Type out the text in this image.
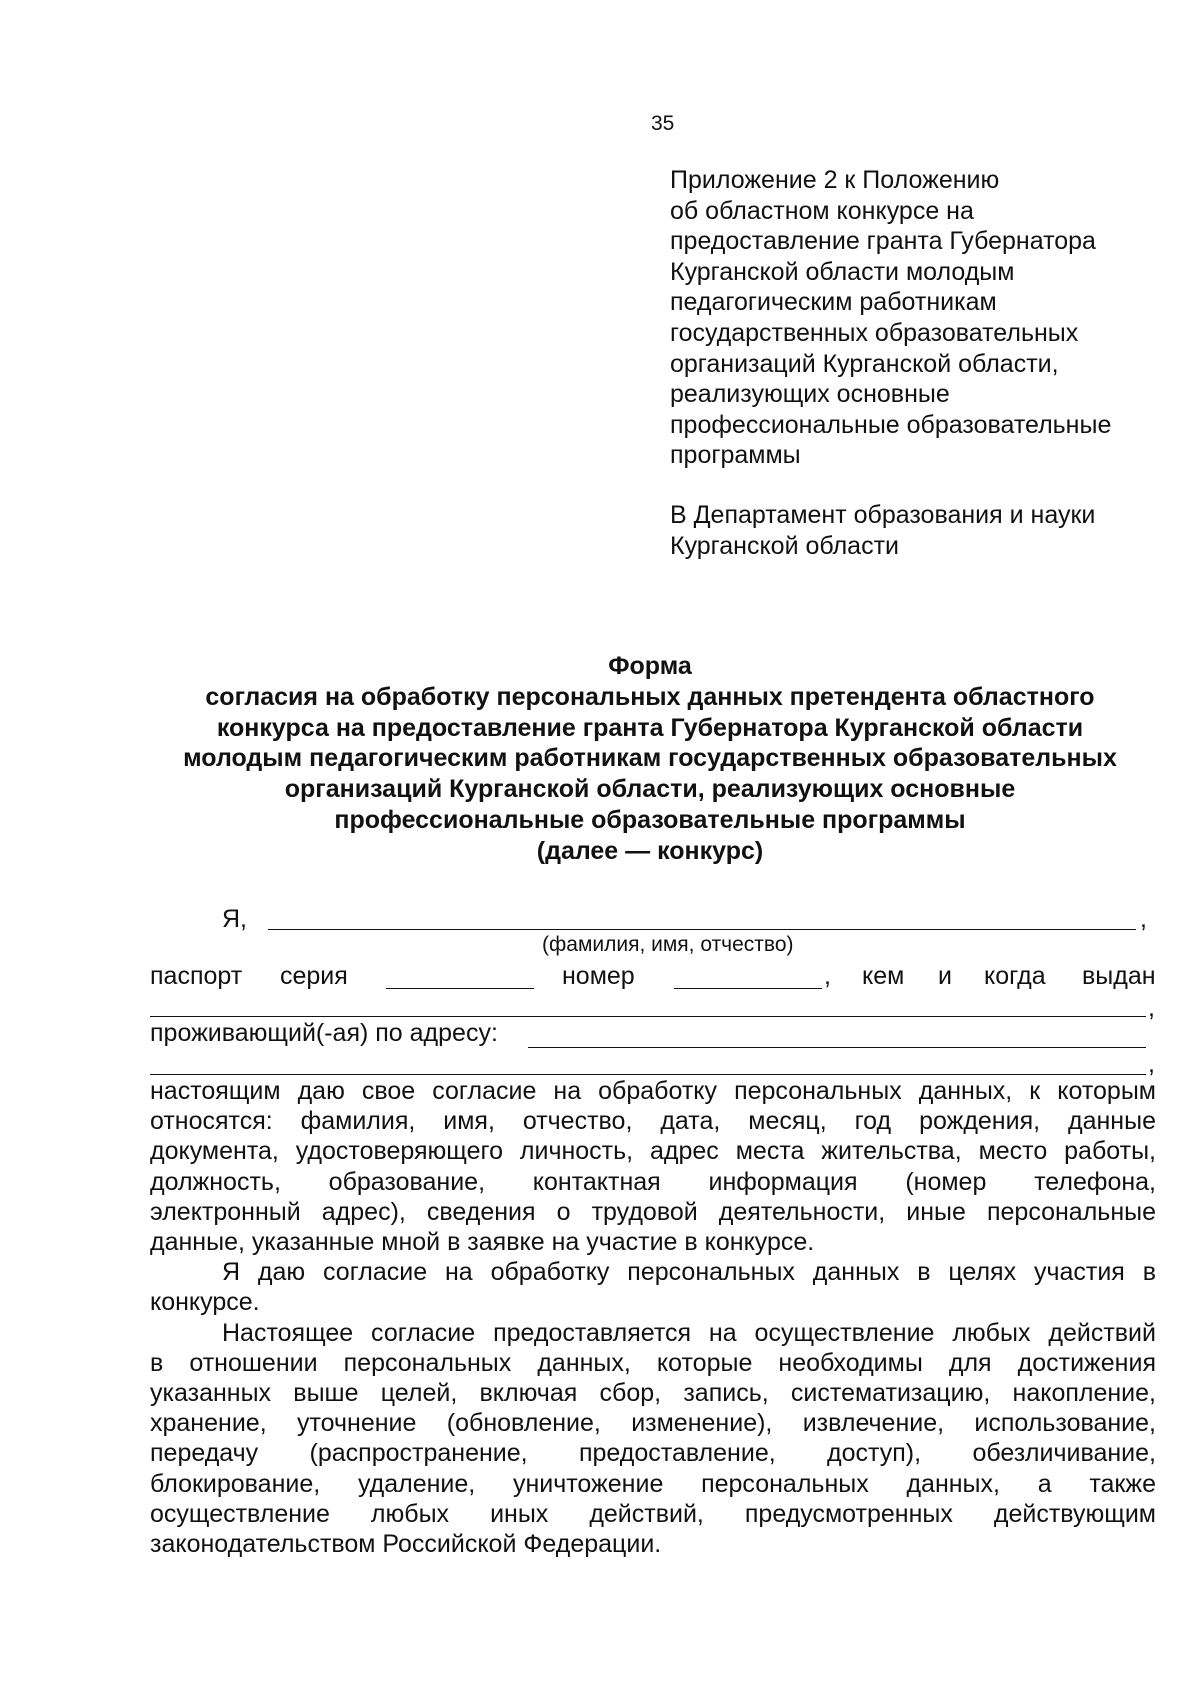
35
Приложение 2 к Положению
об областном конкурсе на
предоставление гранта Губернатора
Курганской области молодым
педагогическим работникам
государственных образовательных
организаций Курганской области,
реализующих основные
профессиональные образовательные
программы
В Департамент образования и науки
Курганской области
Форма
согласия на обработку персональных данных претендента областного
конкурса на предоставление гранта Губернатора Курганской области
молодым педагогическим работникам государственных образовательных
организаций Курганской области, реализующих основные
профессиональные образовательные программы
(далее — конкурс)
Я,	,
(фамилия, имя, отчество)
паспорт серия	номер	, кем и когда выдан
,
проживающий(-ая) по адресу:
,
настоящим даю свое согласие на обработку персональных данных, к которым
относятся: фамилия, имя, отчество, дата, месяц, год рождения, данные
документа, удостоверяющего личность, адрес места жительства, место работы,
должность, образование, контактная информация (номер телефона,
электронный адрес), сведения о трудовой деятельности, иные персональные
данные, указанные мной в заявке на участие в конкурсе.
Я даю согласие на обработку персональных данных в целях участия в
конкурсе.
Настоящее согласие предоставляется на осуществление любых действий
в отношении персональных данных, которые необходимы для достижения
указанных выше целей, включая сбор, запись, систематизацию, накопление,
хранение, уточнение (обновление, изменение), извлечение, использование,
передачу (распространение, предоставление, доступ), обезличивание,
блокирование, удаление, уничтожение персональных данных, а также
осуществление любых иных действий, предусмотренных действующим
законодательством Российской Федерации.
